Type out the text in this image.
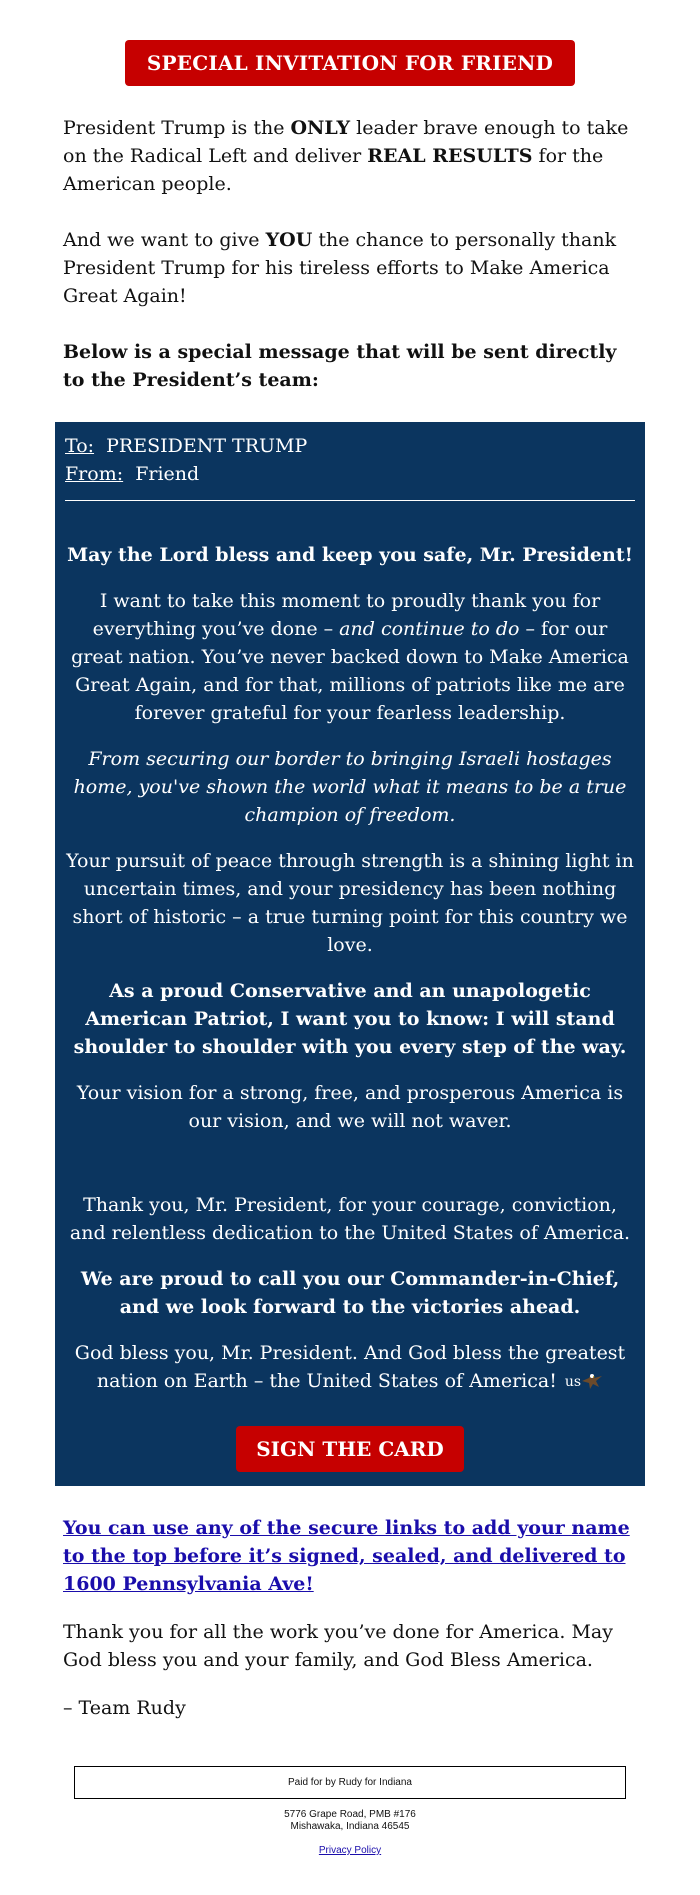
SPECIAL INVITATION FOR FRIEND

President Trump is the ONLY leader brave enough to take on the Radical Left and deliver REAL RESULTS for the American people.

And we want to give YOU the chance to personally thank President Trump for his tireless efforts to Make America Great Again!

Below is a special message that will be sent directly to the President’s team:

To: PRESIDENT TRUMP
From: Friend

May the Lord bless and keep you safe, Mr. President!

I want to take this moment to proudly thank you for everything you’ve done – and continue to do – for our great nation. You’ve never backed down to Make America Great Again, and for that, millions of patriots like me are forever grateful for your fearless leadership.

From securing our border to bringing Israeli hostages home, you've shown the world what it means to be a true champion of freedom.

Your pursuit of peace through strength is a shining light in uncertain times, and your presidency has been nothing short of historic – a true turning point for this country we love.

As a proud Conservative and an unapologetic American Patriot, I want you to know: I will stand shoulder to shoulder with you every step of the way.

Your vision for a strong, free, and prosperous America is our vision, and we will not waver.

Thank you, Mr. President, for your courage, conviction, and relentless dedication to the United States of America.

We are proud to call you our Commander-in-Chief, and we look forward to the victories ahead.

God bless you, Mr. President. And God bless the greatest nation on Earth – the United States of America! us

SIGN THE CARD
You can use any of the secure links to add your name to the top before it’s signed, sealed, and delivered to 1600 Pennsylvania Ave!

Thank you for all the work you’ve done for America. May God bless you and your family, and God Bless America.

– Team Rudy

Paid for by Rudy for Indiana
5776 Grape Road, PMB #176
Mishawaka, Indiana 46545
Privacy Policy
